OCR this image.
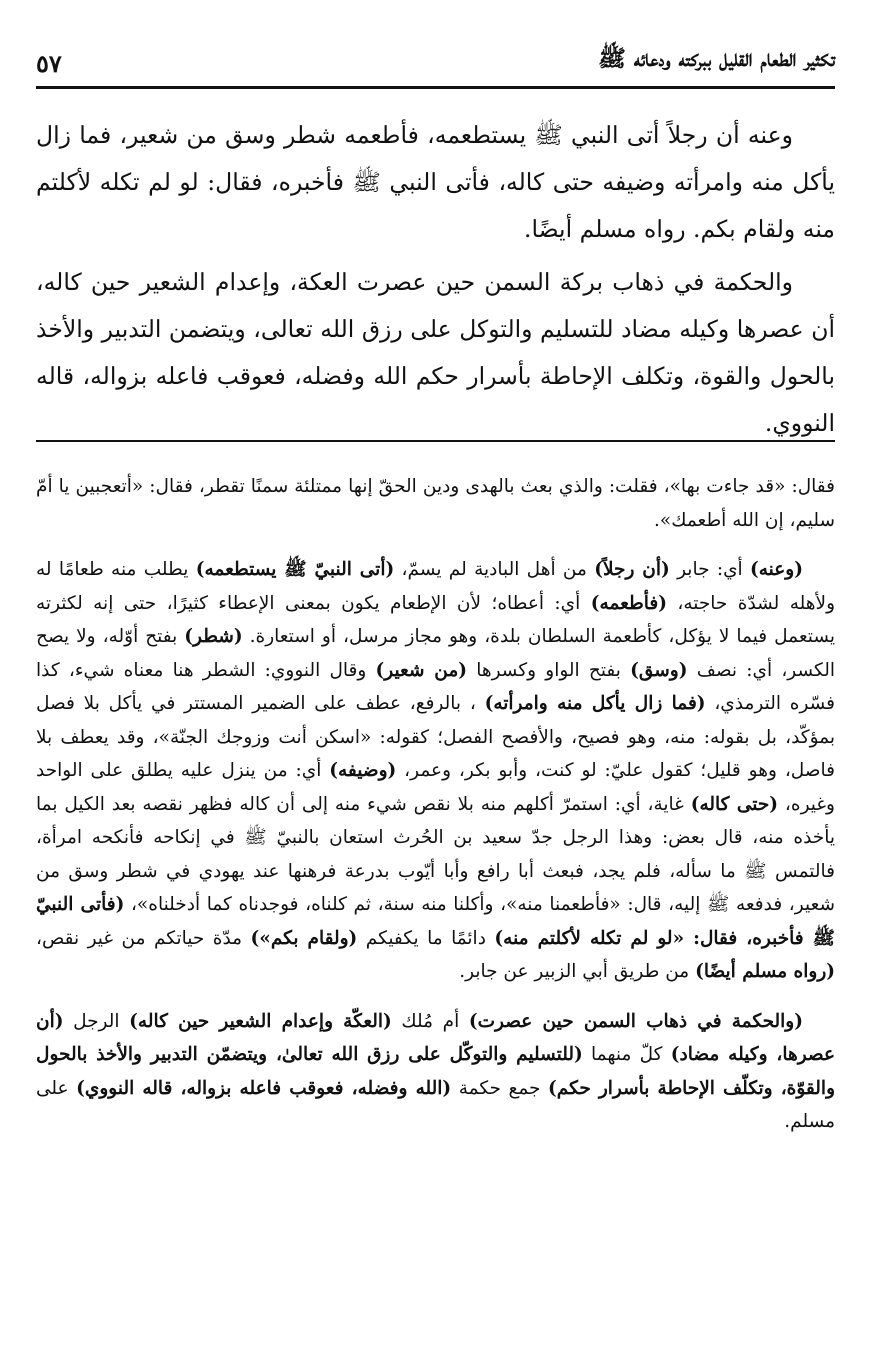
تكثير الطعام القليل ببركته ودعائه ﷺ
٥٧

وعنه أن رجلاً أتى النبي ﷺ يستطعمه، فأطعمه شطر وسق من شعير، فما زال يأكل منه وامرأته وضيفه حتى كاله، فأتى النبي ﷺ فأخبره، فقال: لو لم تكله لأكلتم منه ولقام بكم. رواه مسلم أيضًا.

والحكمة في ذهاب بركة السمن حين عصرت العكة، وإعدام الشعير حين كاله، أن عصرها وكيله مضاد للتسليم والتوكل على رزق الله تعالى، ويتضمن التدبير والأخذ بالحول والقوة، وتكلف الإحاطة بأسرار حكم الله وفضله، فعوقب فاعله بزواله، قاله النووي.

فقال: «قد جاءت بها»، فقلت: والذي بعث بالهدى ودين الحقّ إنها ممتلئة سمنًا تقطر، فقال: «أتعجبين يا أمّ سليم، إن الله أطعمك».

(وعنه) أي: جابر (أن رجلاً) من أهل البادية لم يسمّ، (أتى النبيّ ﷺ يستطعمه) يطلب منه طعامًا له ولأهله لشدّة حاجته، (فأطعمه) أي: أعطاه؛ لأن الإطعام يكون بمعنى الإعطاء كثيرًا، حتى إنه لكثرته يستعمل فيما لا يؤكل، كأطعمة السلطان بلدة، وهو مجاز مرسل، أو استعارة. (شطر) بفتح أوّله، ولا يصح الكسر، أي: نصف (وسق) بفتح الواو وكسرها (من شعير) وقال النووي: الشطر هنا معناه شيء، كذا فسّره الترمذي، (فما زال يأكل منه وامرأته) ، بالرفع، عطف على الضمير المستتر في يأكل بلا فصل بمؤكّد، بل بقوله: منه، وهو فصيح، والأفصح الفصل؛ كقوله: «اسكن أنت وزوجك الجنّة»، وقد يعطف بلا فاصل، وهو قليل؛ كقول عليّ: لو كنت، وأبو بكر، وعمر، (وضيفه) أي: من ينزل عليه يطلق على الواحد وغيره، (حتى كاله) غاية، أي: استمرّ أكلهم منه بلا نقص شيء منه إلى أن كاله فظهر نقصه بعد الكيل بما يأخذه منه، قال بعض: وهذا الرجل جدّ سعيد بن الحُرث استعان بالنبيّ ﷺ في إنكاحه فأنكحه امرأة، فالتمس ﷺ ما سأله، فلم يجد، فبعث أبا رافع وأبا أيّوب بدرعة فرهنها عند يهودي في شطر وسق من شعير، فدفعه ﷺ إليه، قال: «فأطعمنا منه»، وأكلنا منه سنة، ثم كلناه، فوجدناه كما أدخلناه»، (فأتى النبيّ ﷺ فأخبره، فقال: «لو لم تكله لأكلتم منه) دائمًا ما يكفيكم (ولقام بكم») مدّة حياتكم من غير نقص، (رواه مسلم أيضًا) من طريق أبي الزبير عن جابر.

(والحكمة في ذهاب السمن حين عصرت) أم مُلك (العكّة وإعدام الشعير حين كاله) الرجل (أن عصرها، وكيله مضاد) كلّ منهما (للتسليم والتوكّل على رزق الله تعالىٰ، ويتضمّن التدبير والأخذ بالحول والقوّة، وتكلّف الإحاطة بأسرار حكم) جمع حكمة (الله وفضله، فعوقب فاعله بزواله، قاله النووي) على مسلم.
